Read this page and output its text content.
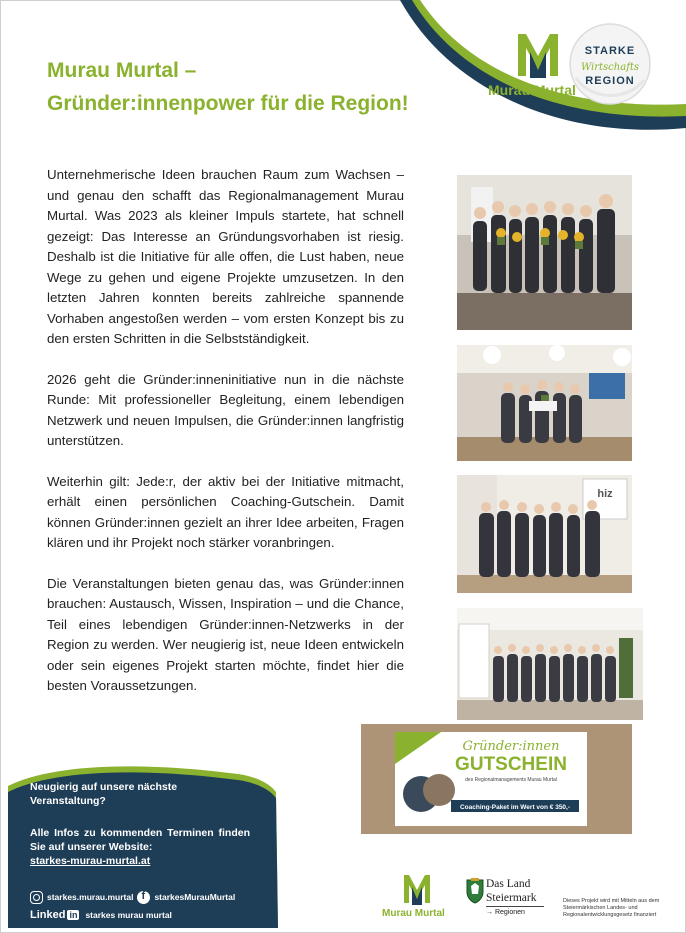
Murau Murtal –
Gründer:innenpower für die Region!
Murau Murtal
STARKE
Wirtschafts
REGION

Unternehmerische Ideen brauchen Raum zum Wachsen – und genau den schafft das Regionalmanagement Murau Murtal. Was 2023 als kleiner Impuls startete, hat schnell gezeigt: Das Interesse an Gründungsvorhaben ist riesig. Deshalb ist die Initiative für alle offen, die Lust haben, neue Wege zu gehen und eigene Projekte umzusetzen. In den letzten Jahren konnten bereits zahlreiche spannende Vorhaben angestoßen werden – vom ersten Konzept bis zu den ersten Schritten in die Selbstständigkeit.

2026 geht die Gründer:inneninitiative nun in die nächste Runde: Mit professioneller Begleitung, einem lebendigen Netzwerk und neuen Impulsen, die Gründer:innen langfristig unterstützen.

Weiterhin gilt: Jede:r, der aktiv bei der Initiative mitmacht, erhält einen persönlichen Coaching-Gutschein. Damit können Gründer:innen gezielt an ihrer Idee arbeiten, Fragen klären und ihr Projekt noch stärker voranbringen.

Die Veranstaltungen bieten genau das, was Gründer:innen brauchen: Austausch, Wissen, Inspiration – und die Chance, Teil eines lebendigen Gründer:innen-Netzwerks in der Region zu werden. Wer neugierig ist, neue Ideen entwickeln oder sein eigenes Projekt starten möchte, findet hier die besten Voraussetzungen.

hiz
Gründer:innen
GUTSCHEIN
des Regionalmanagements Murau Murtal
Coaching-Paket im Wert von € 350,-

Neugierig auf unsere nächste Veranstaltung?

Alle Infos zu kommenden Terminen finden Sie auf unserer Website:
starkes-murau-murtal.at

starkes.murau.murtal
f starkesMurauMurtal
Linked in starkes murau murtal	Murau Murtal
Das Land
Steiermark
→ Regionen
Dieses Projekt wird mit Mitteln aus dem Steiermärkischen Landes- und Regionalentwicklungsgesetz finanziert
